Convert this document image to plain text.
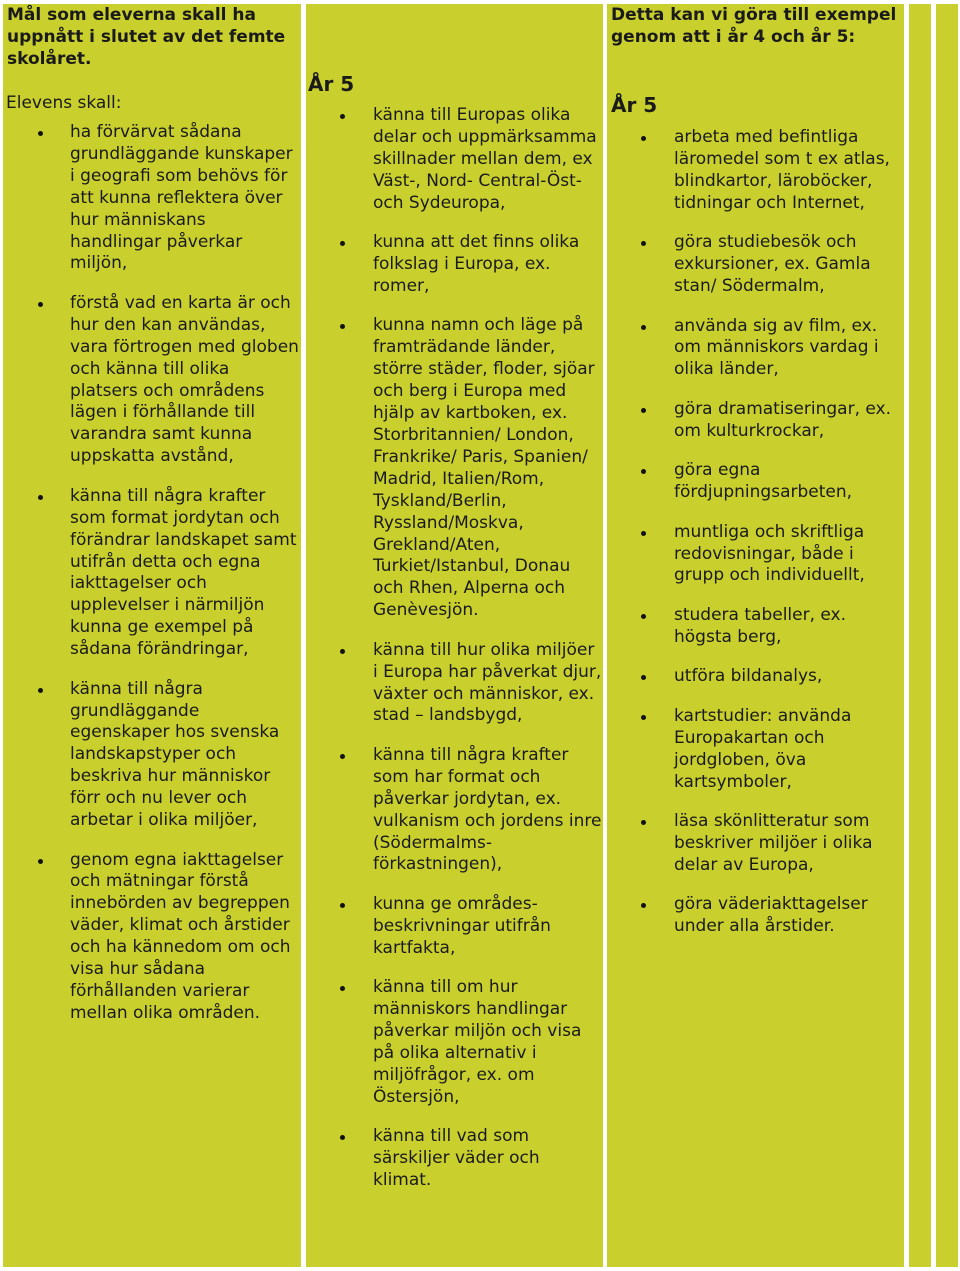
Mål som eleverna skall ha uppnått i slutet av det femte skolåret.

Elevens skall:

ha förvärvat sådana grundläggande kunskaper i geografi som behövs för att kunna reflektera över hur människans handlingar påverkar miljön,
förstå vad en karta är och hur den kan användas, vara förtrogen med globen och känna till olika platsers och områdens lägen i förhållande till varandra samt kunna uppskatta avstånd,
känna till några krafter som format jordytan och förändrar landskapet samt utifrån detta och egna iakttagelser och upplevelser i närmiljön kunna ge exempel på sådana förändringar,
känna till några grundläggande egenskaper hos svenska landskapstyper och beskriva hur människor förr och nu lever och arbetar i olika miljöer,
genom egna iakttagelser och mätningar förstå innebörden av begreppen väder, klimat och årstider och ha kännedom om och visa hur sådana förhållanden varierar mellan olika områden.

År 5

känna till Europas olika delar och uppmärksamma skillnader mellan dem, ex Väst-, Nord- Central-Öst- och Sydeuropa,
kunna att det finns olika folkslag i Europa, ex. romer,
kunna namn och läge på framträdande länder, större städer, floder, sjöar och berg i Europa med hjälp av kartboken, ex. Storbritannien/ London, Frankrike/ Paris, Spanien/ Madrid, Italien/Rom, Tyskland/Berlin, Ryssland/Moskva, Grekland/Aten, Turkiet/Istanbul, Donau och Rhen, Alperna och Genèvesjön.
känna till hur olika miljöer i Europa har påverkat djur, växter och människor, ex. stad – landsbygd,
känna till några krafter som har format och påverkar jordytan, ex. vulkanism och jordens inre (Södermalms-förkastningen),
kunna ge områdes-beskrivningar utifrån kartfakta,
känna till om hur människors handlingar påverkar miljön och visa på olika alternativ i miljöfrågor, ex. om Östersjön,
känna till vad som särskiljer väder och klimat.

Detta kan vi göra till exempel genom att i år 4 och år 5:

År 5

arbeta med befintliga läromedel som t ex atlas, blindkartor, läroböcker, tidningar och Internet,
göra studiebesök och exkursioner, ex. Gamla stan/ Södermalm,
använda sig av film, ex. om människors vardag i olika länder,
göra dramatiseringar, ex. om kulturkrockar,
göra egna fördjupningsarbeten,
muntliga och skriftliga redovisningar, både i grupp och individuellt,
studera tabeller, ex. högsta berg,
utföra bildanalys,
kartstudier: använda Europakartan och jordgloben, öva kartsymboler,
läsa skönlitteratur som beskriver miljöer i olika delar av Europa,
göra väderiakttagelser under alla årstider.
